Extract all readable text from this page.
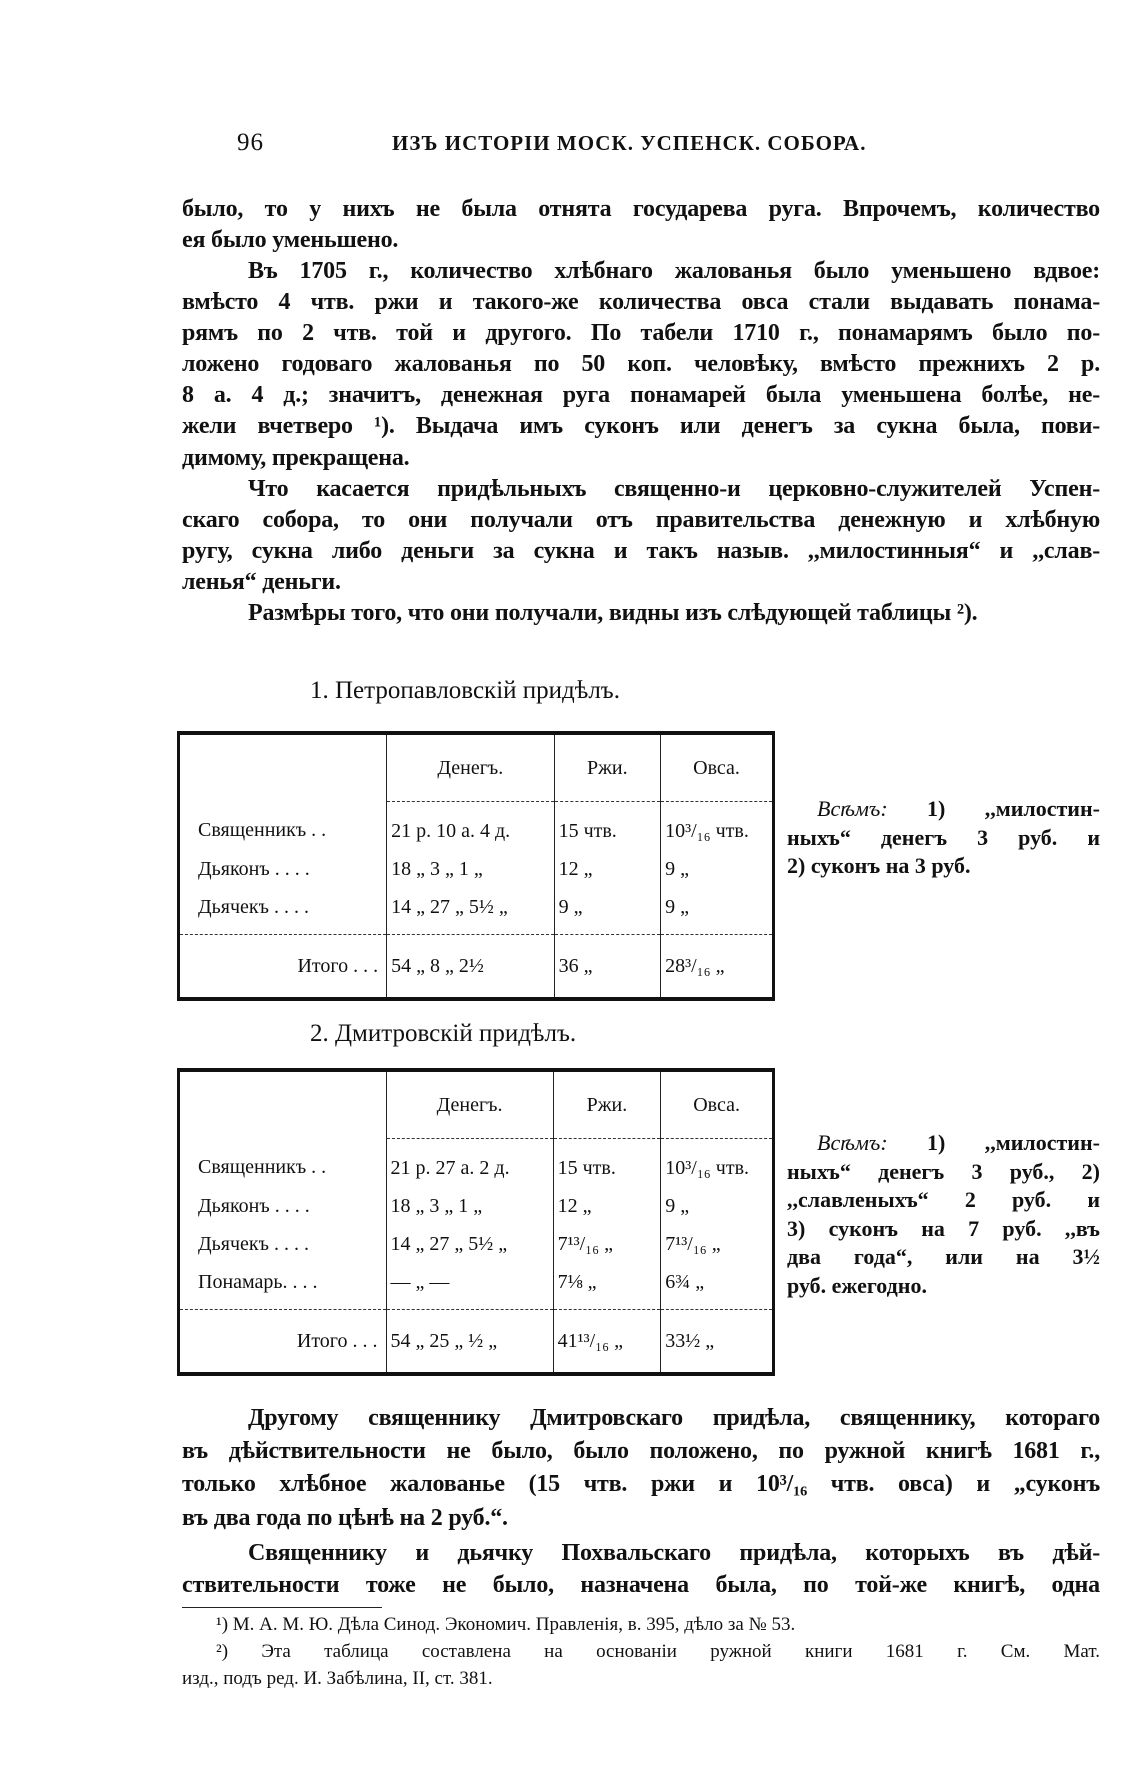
96	ИЗЪ ИСТОРІИ МОСК. УСПЕНСК. СОБОРА.
было, то у нихъ не была отнята государева руга. Впрочемъ, количество
ея было уменьшено.
Въ 1705 г., количество хлѣбнаго жалованья было уменьшено вдвое:
вмѣсто 4 чтв. ржи и такого-же количества овса стали выдавать понама-
рямъ по 2 чтв. той и другого. По табели 1710 г., понамарямъ было по-
ложено годоваго жалованья по 50 коп. человѣку, вмѣсто прежнихъ 2 р.
8 а. 4 д.; значитъ, денежная руга понамарей была уменьшена болѣе, не-
жели вчетверо ¹). Выдача имъ суконъ или денегъ за сукна была, пови-
димому, прекращена.
Что касается придѣльныхъ священно-и церковно-служителей Успен-
скаго собора, то они получали отъ правительства денежную и хлѣбную
ругу, сукна либо деньги за сукна и такъ назыв. ,,милостинныя“ и ,,слав-
ленья“ деньги.
Размѣры того, что они получали, видны изъ слѣдующей таблицы ²).
1. Петропавловскій придѣлъ.
	Денегъ.	Ржи.	Овса.
Священникъ . .	21 р. 10 а. 4 д.	15 чтв.	10³/₁₆ чтв.
Дьяконъ . . . .	18 „ 3 „ 1 „	12 „	9 „
Дьячекъ . . . .	14 „ 27 „ 5½ „	9 „	9 „
Итого . . .	54 „ 8 „ 2½	36 „	28³/₁₆ „
Всѣмъ: 1) ,,милостин-
ныхъ“ денегъ 3 руб. и
2) суконъ на 3 руб.
2. Дмитровскій придѣлъ.
	Денегъ.	Ржи.	Овса.
Священникъ . .	21 р. 27 а. 2 д.	15 чтв.	10³/₁₆ чтв.
Дьяконъ . . . .	18 „ 3 „ 1 „	12 „	9 „
Дьячекъ . . . .	14 „ 27 „ 5½ „	7¹³/₁₆ „	7¹³/₁₆ „
Понамарь. . . .	— „ —	7⅛ „	6¾ „
Итого . . .	54 „ 25 „ ½ „	41¹³/₁₆ „	33½ „
Всѣмъ: 1) ,,милостин-
ныхъ“ денегъ 3 руб., 2)
,,славленыхъ“ 2 руб. и
3) суконъ на 7 руб. ,,въ
два года“, или на 3½
руб. ежегодно.
Другому священнику Дмитровскаго придѣла, священнику, котораго
въ дѣйствительности не было, было положено, по ружной книгѣ 1681 г.,
только хлѣбное жалованье (15 чтв. ржи и 10³/₁₆ чтв. овса) и „суконъ
въ два года по цѣнѣ на 2 руб.“.
Священнику и дьячку Похвальскаго придѣла, которыхъ въ дѣй-
ствительности тоже не было, назначена была, по той-же книгѣ, одна
¹) М. А. М. Ю. Дѣла Синод. Экономич. Правленія, в. 395, дѣло за № 53.
²) Эта таблица составлена на основаніи ружной книги 1681 г. См. Мат.
изд., подъ ред. И. Забѣлина, II, ст. 381.
